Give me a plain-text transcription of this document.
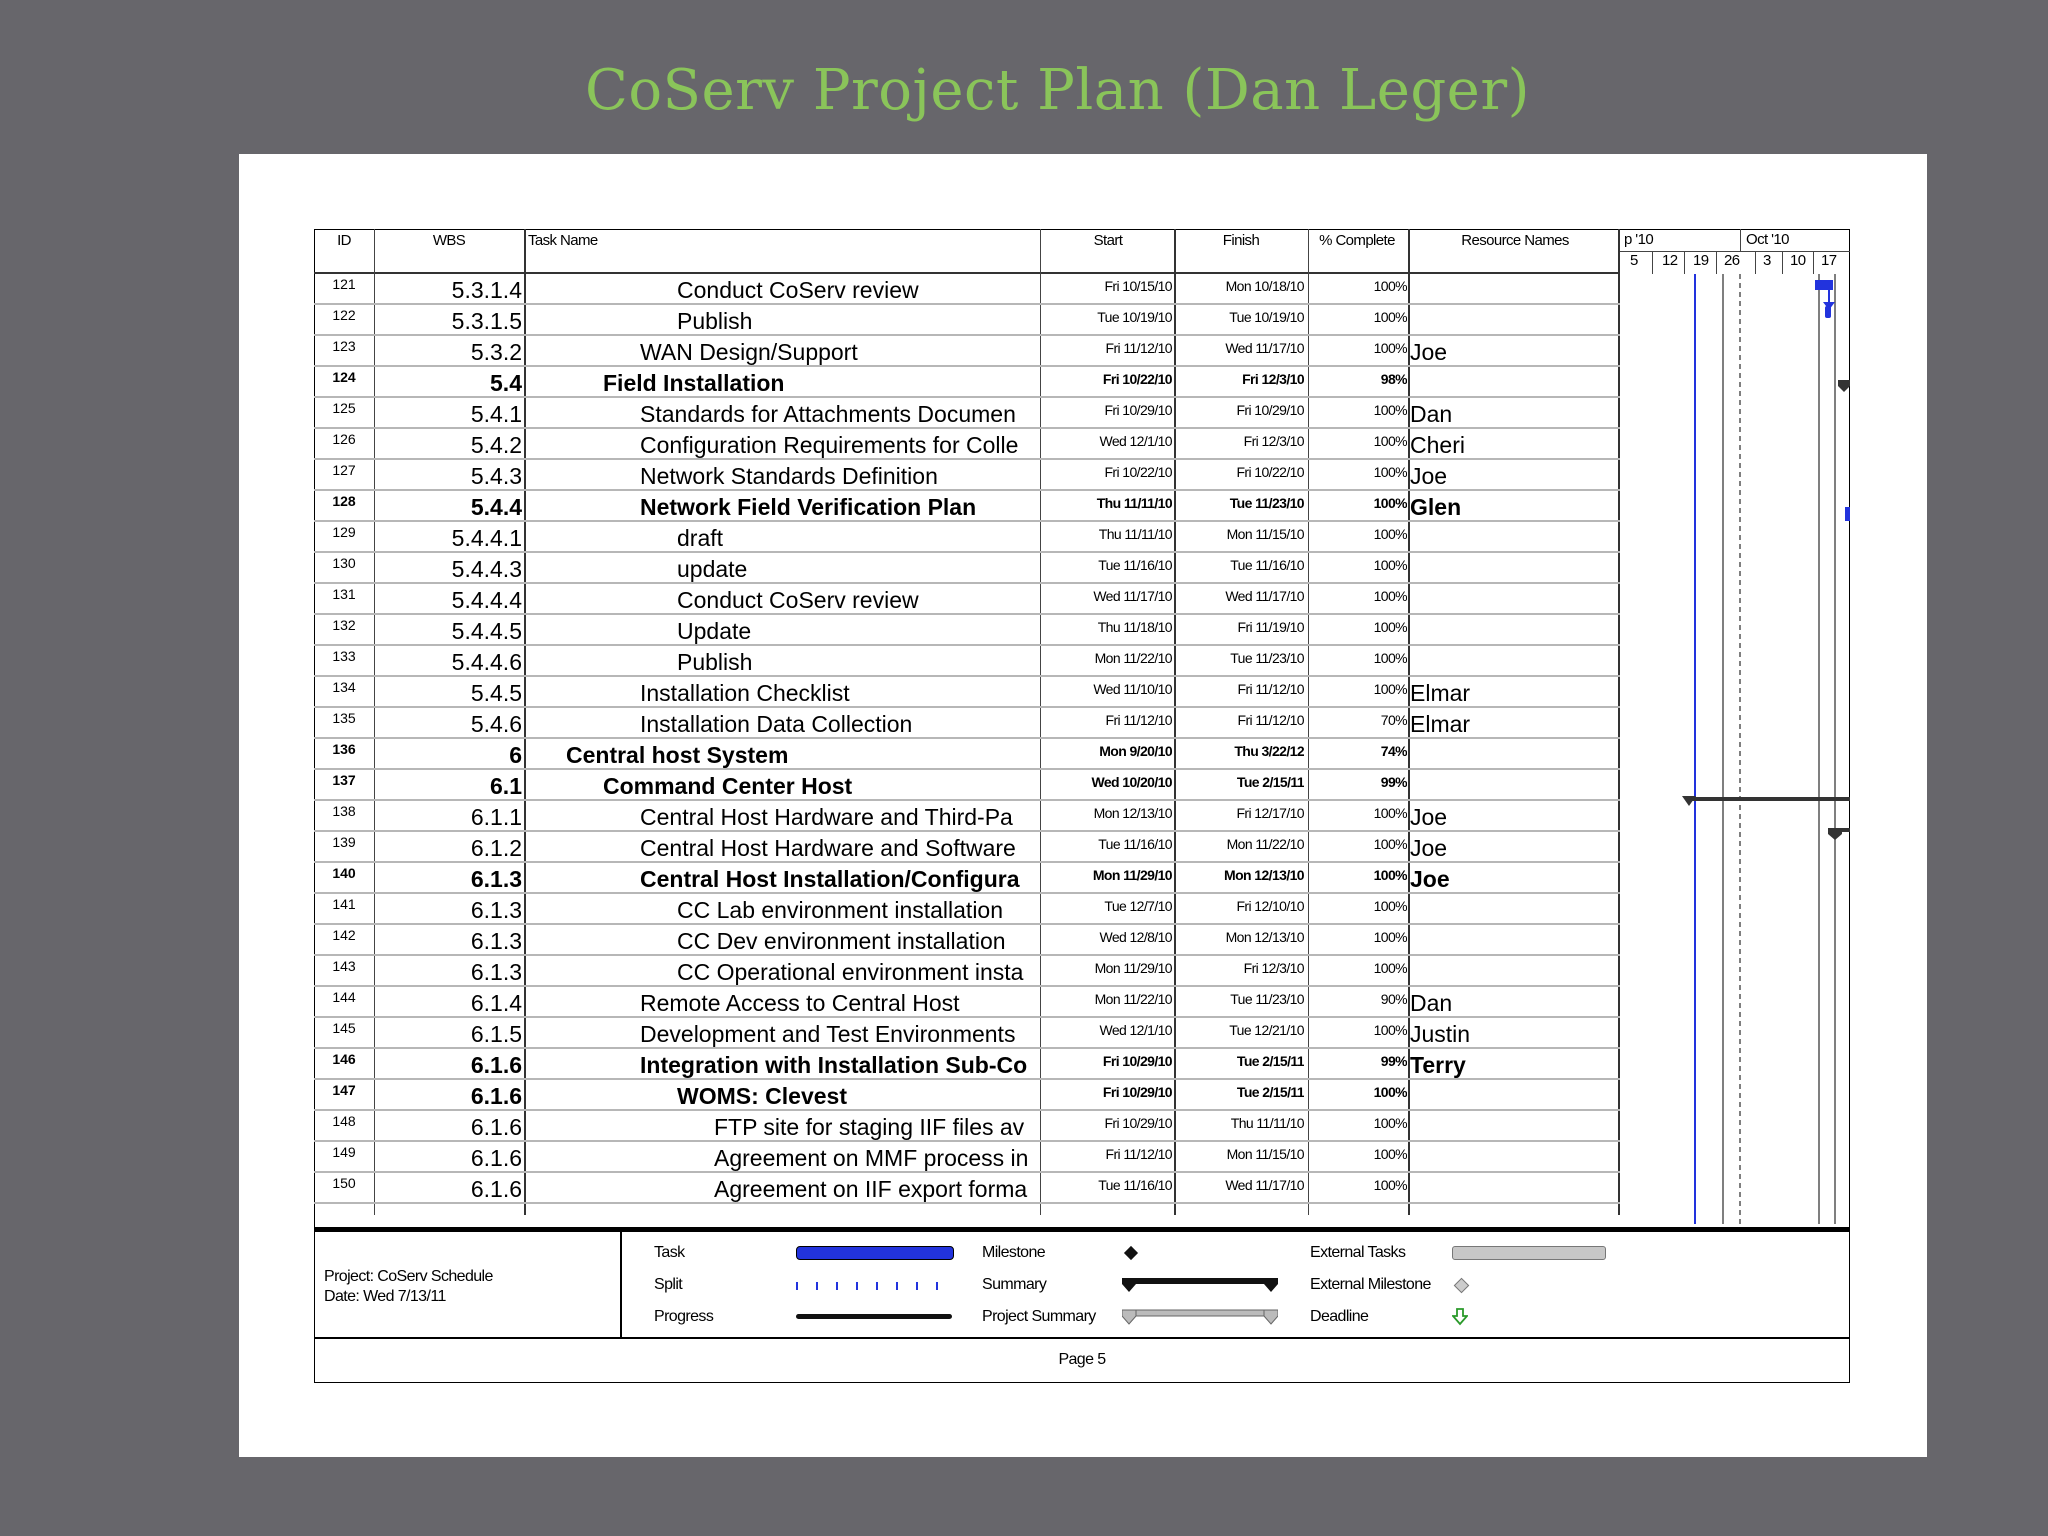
CoServ Project Plan (Dan Leger)
ID	WBS	Task Name	Start	Finish	% Complete	Resource Names
121	5.3.1.4	Conduct CoServ review	Fri 10/15/10	Mon 10/18/10	100%
122	5.3.1.5	Publish	Tue 10/19/10	Tue 10/19/10	100%
123	5.3.2	WAN Design/Support	Fri 11/12/10	Wed 11/17/10	100% Joe
124	5.4	Field Installation	Fri 10/22/10	Fri 12/3/10	98%
125	5.4.1	Standards for Attachments Documen	Fri 10/29/10	Fri 10/29/10	100% Dan
126	5.4.2	Configuration Requirements for Colle	Wed 12/1/10	Fri 12/3/10	100% Cheri
127	5.4.3	Network Standards Definition	Fri 10/22/10	Fri 10/22/10	100% Joe
128	5.4.4	Network Field Verification Plan	Thu 11/11/10	Tue 11/23/10	100% Glen
129	5.4.4.1	draft	Thu 11/11/10	Mon 11/15/10	100%
130	5.4.4.3	update	Tue 11/16/10	Tue 11/16/10	100%
131	5.4.4.4	Conduct CoServ review	Wed 11/17/10	Wed 11/17/10	100%
132	5.4.4.5	Update	Thu 11/18/10	Fri 11/19/10	100%
133	5.4.4.6	Publish	Mon 11/22/10	Tue 11/23/10	100%
134	5.4.5	Installation Checklist	Wed 11/10/10	Fri 11/12/10	100% Elmar
135	5.4.6	Installation Data Collection	Fri 11/12/10	Fri 11/12/10	70% Elmar
136	6	Central host System	Mon 9/20/10	Thu 3/22/12	74%
137	6.1	Command Center Host	Wed 10/20/10	Tue 2/15/11	99%
138	6.1.1	Central Host Hardware and Third-Pa	Mon 12/13/10	Fri 12/17/10	100% Joe
139	6.1.2	Central Host Hardware and Software	Tue 11/16/10	Mon 11/22/10	100% Joe
140	6.1.3	Central Host Installation/Configura	Mon 11/29/10	Mon 12/13/10	100% Joe
141	6.1.3	CC Lab environment installation	Tue 12/7/10	Fri 12/10/10	100%
142	6.1.3	CC Dev environment installation	Wed 12/8/10	Mon 12/13/10	100%
143	6.1.3	CC Operational environment insta	Mon 11/29/10	Fri 12/3/10	100%
144	6.1.4	Remote Access to Central Host	Mon 11/22/10	Tue 11/23/10	90% Dan
145	6.1.5	Development and Test Environments	Wed 12/1/10	Tue 12/21/10	100% Justin
146	6.1.6	Integration with Installation Sub-Co	Fri 10/29/10	Tue 2/15/11	99% Terry
147	6.1.6	WOMS: Clevest	Fri 10/29/10	Tue 2/15/11	100%
148	6.1.6	FTP site for staging IIF files av	Fri 10/29/10	Thu 11/11/10	100%
149	6.1.6	Agreement on MMF process in	Fri 11/12/10	Mon 11/15/10	100%
150	6.1.6	Agreement on IIF export forma	Tue 11/16/10	Wed 11/17/10	100%
p '10	Oct '10
5 12 19 26 3 10 17
Project: CoServ Schedule
Date: Wed 7/13/11
Task
Split
Progress
Milestone
Summary
Project Summary
External Tasks
External Milestone
Deadline
Page 5
